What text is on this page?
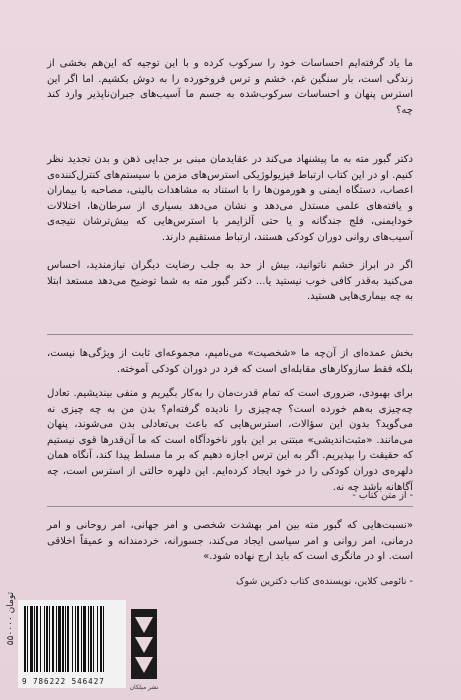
ما یاد گرفته‌ایم احساسات خود را سرکوب کرده و با این توجیه که این‌هم بخشی از زندگی است، بار سنگین غم، خشم و ترس فروخورده را به دوش بکشیم. اما اگر این استرس پنهان و احساسات سرکوب‌شده به جسم ما آسیب‌های جبران‌ناپذیر وارد کند چه؟

دکتر گبور مته به ما پیشنهاد می‌کند در عقایدمان مبنی بر جدایی ذهن و بدن تجدید نظر کنیم. او در این کتاب ارتباط فیزیولوژیکی استرس‌های مزمن با سیستم‌های کنترل‌کننده‌ی اعصاب، دستگاه ایمنی و هورمون‌ها را با استناد به مشاهدات بالینی، مصاحبه با بیماران و یافته‌های علمی مستدل می‌دهد و نشان می‌دهد بسیاری از سرطان‌ها، اختلالات خودایمنی، فلج جندگانه و یا حتی آلزایمر با استرس‌هایی که بیش‌ترشان نتیجه‌ی آسیب‌های روانی دوران کودکی هستند، ارتباط مستقیم دارند.

اگر در ابراز خشم ناتوانید، بیش از حد به جلب رضایت دیگران نیازمندید، احساس می‌کنید به‌قدر کافی خوب نیستید یا... دکتر گبور مته به شما توضیح می‌دهد مستعد ابتلا به چه بیماری‌هایی هستید.

بخش عمده‌ای از آن‌چه ما «شخصیت» می‌نامیم، مجموعه‌ای ثابت از ویژگی‌ها نیست، بلکه فقط سازوکارهای مقابله‌ای است که فرد در دوران کودکی آموخته.

برای بهبودی، ضروری است که تمام قدرت‌مان را به‌کار بگیریم و منفی بیندیشیم. تعادل چه‌چیزی به‌هم خورده است؟ چه‌چیزی را نادیده گرفته‌ام؟ بدن من به چه چیزی نه می‌گوید؟ بدون این سؤالات، استرس‌هایی که باعث بی‌تعادلی بدن می‌شوند، پنهان می‌مانند. «مثبت‌اندیشی» مبتنی بر این باور ناخودآگاه است که ما آن‌قدرها قوی نیستیم که حقیقت را بپذیریم. اگر به این ترس اجازه دهیم که بر ما مسلط پیدا کند، آنگاه همان دلهره‌ی دوران کودکی را در خود ایجاد کرده‌ایم. این دلهره حالتی از استرس است، چه آگاهانه باشد چه نه.

- از متن کتاب -

«نسبت‌هایی که گبور مته بین امر بهشدت شخصی و امر جهانی، امر روحانی و امر درمانی، امر روانی و امر سیاسی ایجاد می‌کند، جسورانه، خردمندانه و عمیقاً اخلاقی است. او در مانگری است که باید ارج نهاده شود.»

- نائومی کلاین، نویسنده‌ی کتاب دکترین شوک
۵۵۰۰۰۰ تومان
9 786222 546427
نشر میلکان
